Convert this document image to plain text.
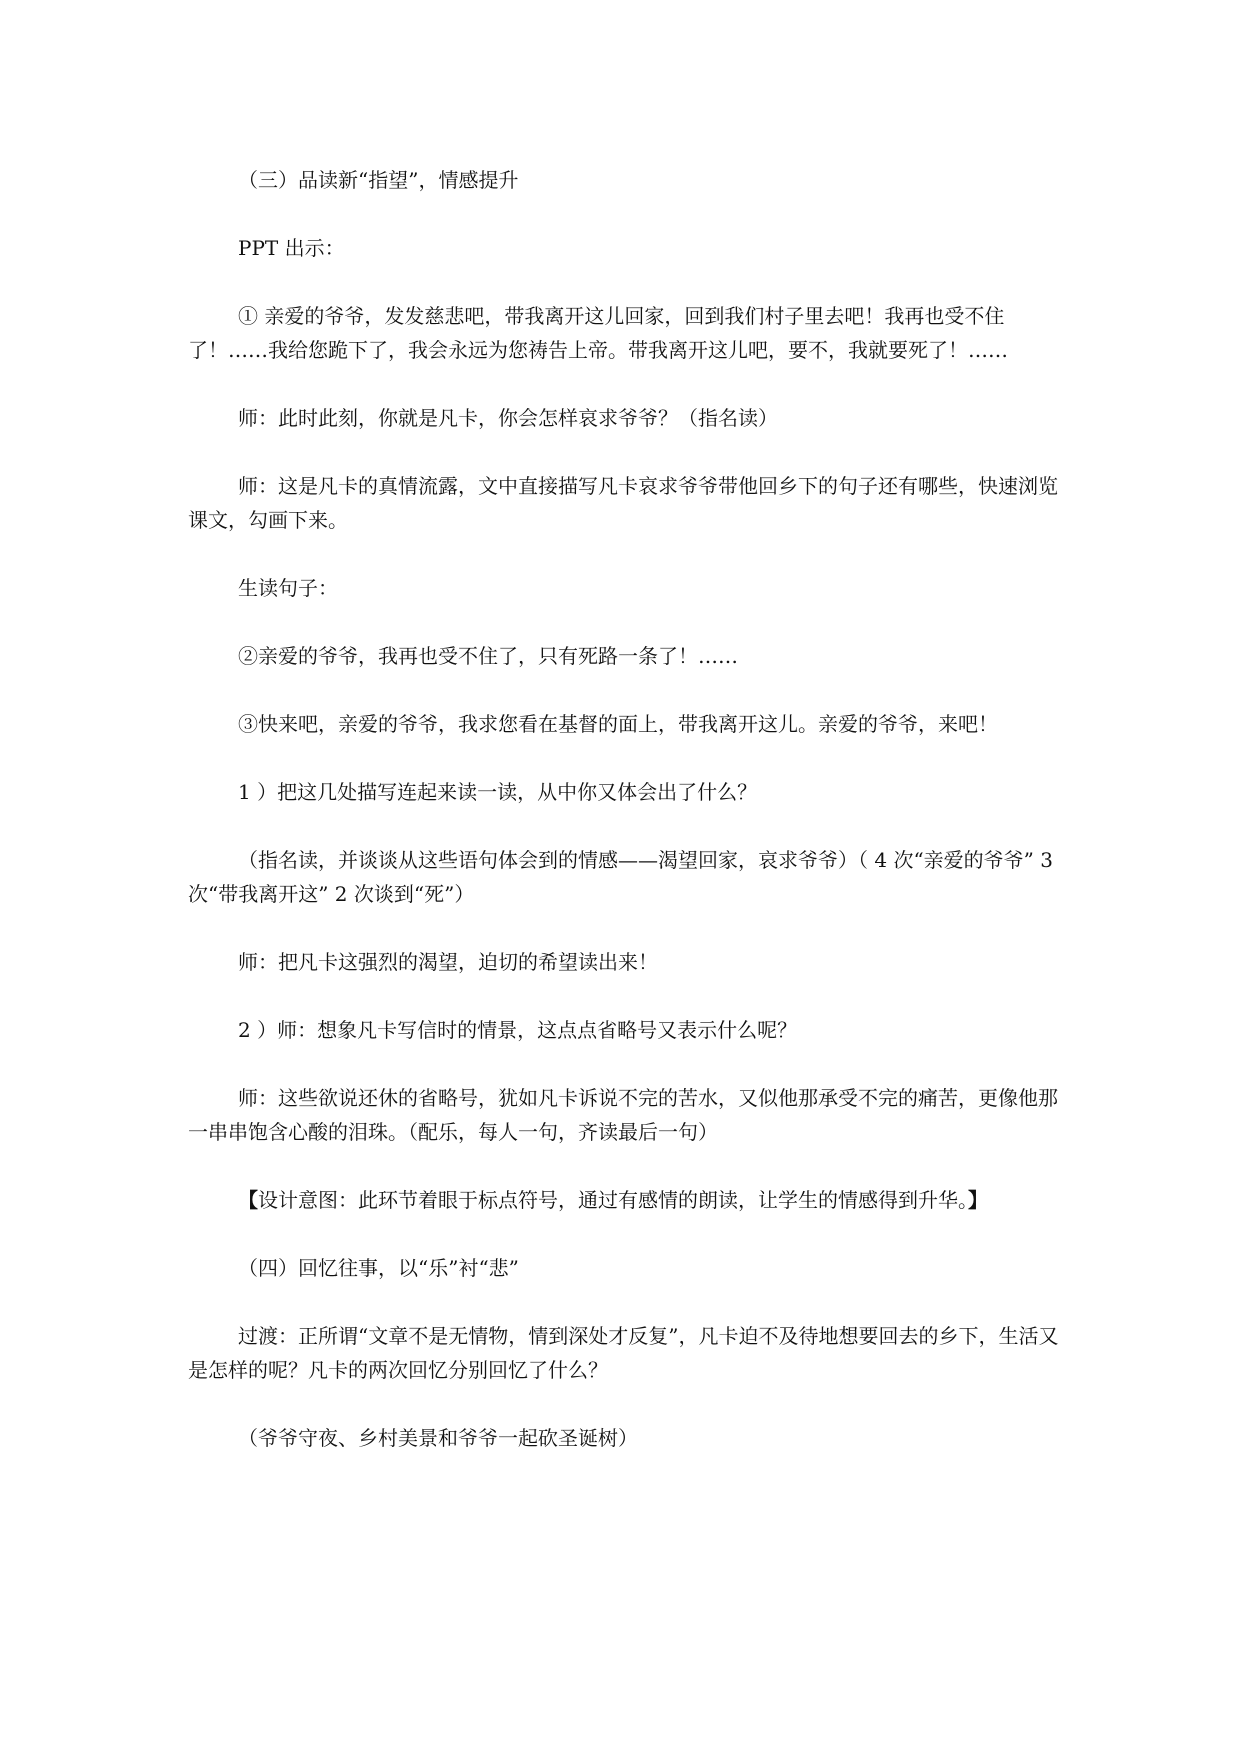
（三）品读新“指望”，情感提升

PPT 出示：

① 亲爱的爷爷，发发慈悲吧，带我离开这儿回家，回到我们村子里去吧！我再也受不住了！……我给您跪下了，我会永远为您祷告上帝。带我离开这儿吧，要不，我就要死了！……

师：此时此刻，你就是凡卡，你会怎样哀求爷爷？（指名读）

师：这是凡卡的真情流露，文中直接描写凡卡哀求爷爷带他回乡下的句子还有哪些，快速浏览课文，勾画下来。

生读句子：

②亲爱的爷爷，我再也受不住了，只有死路一条了！……

③快来吧，亲爱的爷爷，我求您看在基督的面上，带我离开这儿。亲爱的爷爷，来吧！

1 ）把这几处描写连起来读一读，从中你又体会出了什么？

（指名读，并谈谈从这些语句体会到的情感——渴望回家，哀求爷爷）（ 4 次“亲爱的爷爷” 3 次“带我离开这” 2 次谈到“死”）

师：把凡卡这强烈的渴望，迫切的希望读出来！

2 ）师：想象凡卡写信时的情景，这点点省略号又表示什么呢？

师：这些欲说还休的省略号，犹如凡卡诉说不完的苦水，又似他那承受不完的痛苦，更像他那一串串饱含心酸的泪珠。（配乐，每人一句，齐读最后一句）

【设计意图：此环节着眼于标点符号，通过有感情的朗读，让学生的情感得到升华。】

（四）回忆往事，以“乐”衬“悲”

过渡：正所谓“文章不是无情物，情到深处才反复”，凡卡迫不及待地想要回去的乡下，生活又是怎样的呢？凡卡的两次回忆分别回忆了什么？

（爷爷守夜、乡村美景和爷爷一起砍圣诞树）
